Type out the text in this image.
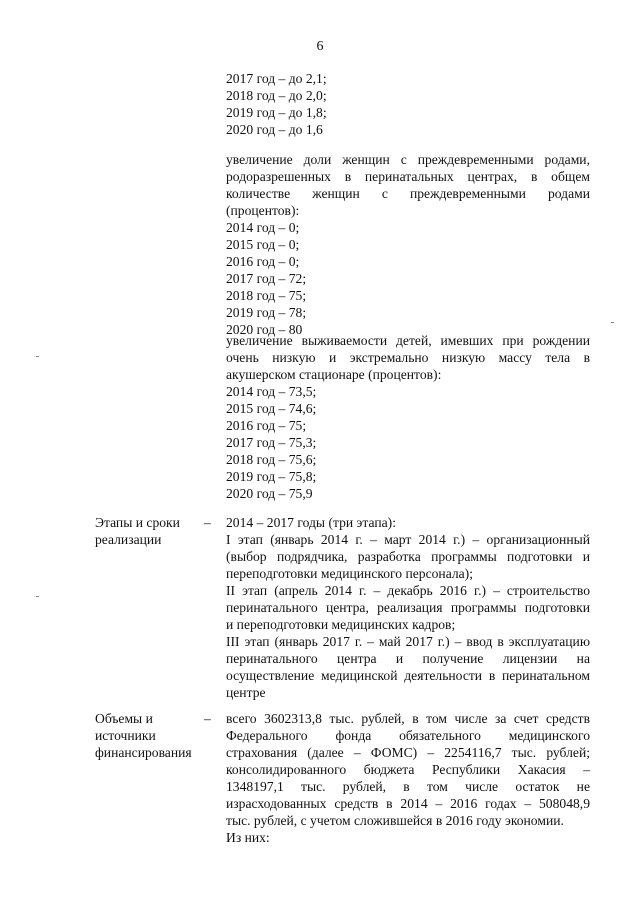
6
2017 год – до 2,1;
2018 год – до 2,0;
2019 год – до 1,8;
2020 год – до 1,6
увеличение доли женщин с преждевременными родами,
родоразрешенных в перинатальных центрах, в общем
количестве женщин с преждевременными родами
(процентов):
2014 год – 0;
2015 год – 0;
2016 год – 0;
2017 год – 72;
2018 год – 75;
2019 год – 78;
2020 год – 80
увеличение выживаемости детей, имевших при рождении
очень низкую и экстремально низкую массу тела в
акушерском стационаре (процентов):
2014 год – 73,5;
2015 год – 74,6;
2016 год – 75;
2017 год – 75,3;
2018 год – 75,6;
2019 год – 75,8;
2020 год – 75,9
Этапы и сроки
реализации
– 2014 – 2017 годы (три этапа):
I этап (январь 2014 г. – март 2014 г.) – организационный
(выбор подрядчика, разработка программы подготовки и
переподготовки медицинского персонала);
II этап (апрель 2014 г. – декабрь 2016 г.) – строительство
перинатального центра, реализация программы подготовки
и переподготовки медицинских кадров;
III этап (январь 2017 г. – май 2017 г.) – ввод в эксплуатацию
перинатального центра и получение лицензии на
осуществление медицинской деятельности в перинатальном
центре
Объемы и
источники
финансирования
– всего 3602313,8 тыс. рублей, в том числе за счет средств
Федерального фонда обязательного медицинского
страхования (далее – ФОМС) – 2254116,7 тыс. рублей;
консолидированного бюджета Республики Хакасия –
1348197,1 тыс. рублей, в том числе остаток не
израсходованных средств в 2014 – 2016 годах – 508048,9
тыс. рублей, с учетом сложившейся в 2016 году экономии.
Из них:
